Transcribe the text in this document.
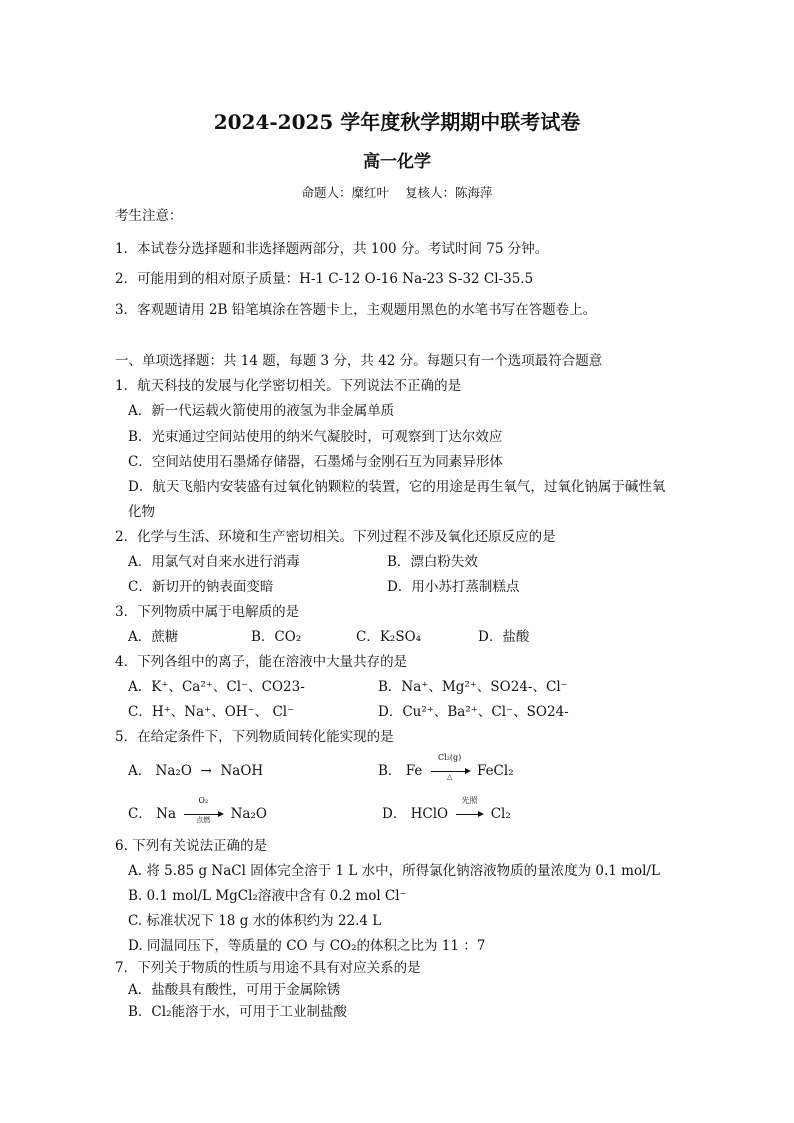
2024-2025 学年度秋学期期中联考试卷
高一化学
命题人：糜红叶 复核人：陈海萍
考生注意：
1．本试卷分选择题和非选择题两部分，共 100 分。考试时间 75 分钟。
2．可能用到的相对原子质量：H-1 C-12 O-16 Na-23 S-32 Cl-35.5
3．客观题请用 2B 铅笔填涂在答题卡上，主观题用黑色的水笔书写在答题卷上。
一、单项选择题：共 14 题，每题 3 分，共 42 分。每题只有一个选项最符合题意
1．航天科技的发展与化学密切相关。下列说法不正确的是
A．新一代运载火箭使用的液氢为非金属单质
B．光束通过空间站使用的纳米气凝胶时，可观察到丁达尔效应
C．空间站使用石墨烯存储器，石墨烯与金刚石互为同素异形体
D．航天飞船内安装盛有过氧化钠颗粒的装置，它的用途是再生氧气，过氧化钠属于碱性氧
化物
2．化学与生活、环境和生产密切相关。下列过程不涉及氧化还原反应的是
A．用氯气对自来水进行消毒	B．漂白粉失效
C．新切开的钠表面变暗	D．用小苏打蒸制糕点
3．下列物质中属于电解质的是
A．蔗糖	B．CO₂	C．K₂SO₄	D．盐酸
4．下列各组中的离子，能在溶液中大量共存的是
A．K⁺、Ca²⁺、Cl⁻、CO23-	B．Na⁺、Mg²⁺、SO24-、Cl⁻
C．H⁺、Na⁺、OH⁻、 Cl⁻	D．Cu²⁺、Ba²⁺、Cl⁻、SO24-
5．在给定条件下，下列物质间转化能实现的是
A． Na₂O → NaOH	B． Fe
Cl₂(g)
△	FeCl₂
C． Na
O₂
点燃	Na₂O	D． HClO
光照
Cl₂
6. 下列有关说法正确的是
A. 将 5.85 g NaCl 固体完全溶于 1 L 水中，所得氯化钠溶液物质的量浓度为 0.1 mol/L
B. 0.1 mol/L MgCl₂溶液中含有 0.2 mol Cl⁻
C. 标准状况下 18 g 水的体积约为 22.4 L
D. 同温同压下，等质量的 CO 与 CO₂的体积之比为 11 ：7
7．下列关于物质的性质与用途不具有对应关系的是
A．盐酸具有酸性，可用于金属除锈
B．Cl₂能溶于水，可用于工业制盐酸
